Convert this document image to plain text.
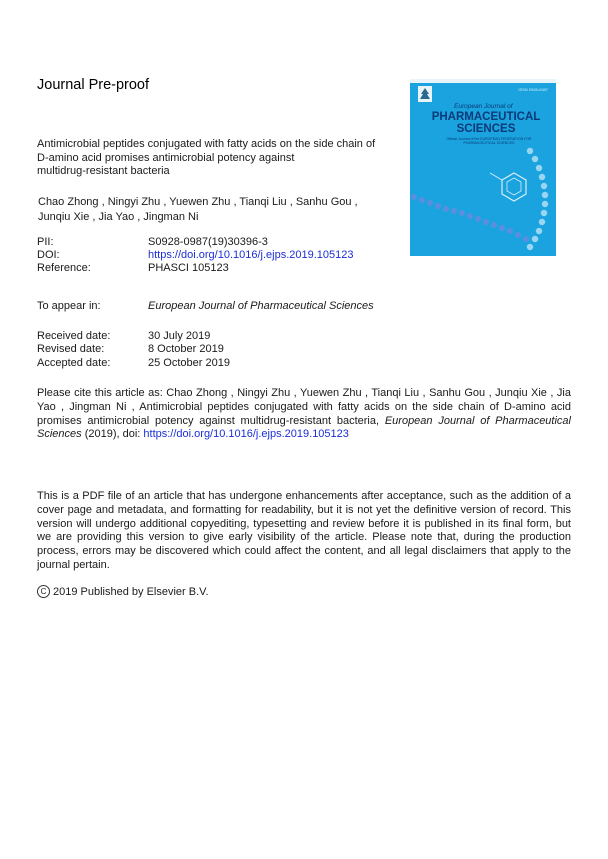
Journal Pre-proof	ISSN 0928-0987
European Journal of
PHARMACEUTICAL SCIENCES
Official Journal of the EUROPEAN FEDERATION FOR PHARMACEUTICAL SCIENCES
Antimicrobial peptides conjugated with fatty acids on the side chain of
D-amino acid promises antimicrobial potency against
multidrug-resistant bacteria
Chao Zhong , Ningyi Zhu , Yuewen Zhu , Tianqi Liu , Sanhu Gou ,
Junqiu Xie , Jia Yao , Jingman Ni
PII:	S0928-0987(19)30396-3
DOI:	https://doi.org/10.1016/j.ejps.2019.105123
Reference:	PHASCI 105123
To appear in:	European Journal of Pharmaceutical Sciences
Received date:	30 July 2019
Revised date:	8 October 2019
Accepted date:	25 October 2019
Please cite this article as: Chao Zhong , Ningyi Zhu , Yuewen Zhu , Tianqi Liu , Sanhu Gou , Junqiu Xie , Jia Yao , Jingman Ni , Antimicrobial peptides conjugated with fatty acids on the side chain of D-amino acid promises antimicrobial potency against multidrug-resistant bacteria, European Journal of Pharmaceutical Sciences (2019), doi: https://doi.org/10.1016/j.ejps.2019.105123
This is a PDF file of an article that has undergone enhancements after acceptance, such as the addition of a cover page and metadata, and formatting for readability, but it is not yet the definitive version of record. This version will undergo additional copyediting, typesetting and review before it is published in its final form, but we are providing this version to give early visibility of the article. Please note that, during the production process, errors may be discovered which could affect the content, and all legal disclaimers that apply to the journal pertain.
C 2019 Published by Elsevier B.V.
